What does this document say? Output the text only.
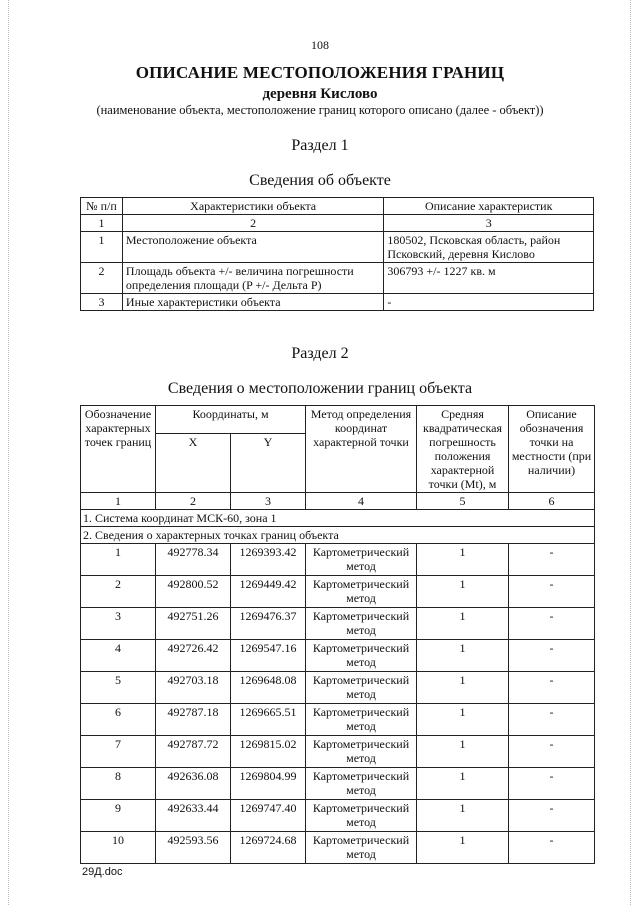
108
ОПИСАНИЕ МЕСТОПОЛОЖЕНИЯ ГРАНИЦ
деревня Кислово
(наименование объекта, местоположение границ которого описано (далее - объект))
Раздел 1
Сведения об объекте
№ п/п	Характеристики объекта	Описание характеристик
1	2	3
1	Местоположение объекта	180502, Псковская область, район Псковский, деревня Кислово
2	Площадь объекта +/- величина погрешности определения площади (P +/- Дельта P)	306793 +/- 1227 кв. м
3	Иные характеристики объекта	-
Раздел 2
Сведения о местоположении границ объекта
Обозначение характерных точек границ	Координаты, м		Метод определения координат характерной точки	Средняя квадратическая погрешность положения характерной точки (Mt), м	Описание обозначения точки на местности (при наличии)
	X	Y			
1	2	3	4	5	6
1. Система координат МСК-60, зона 1					
2. Сведения о характерных точках границ объекта					
1	492778.34	1269393.42	Картометрический метод	1	-
2	492800.52	1269449.42	Картометрический метод	1	-
3	492751.26	1269476.37	Картометрический метод	1	-
4	492726.42	1269547.16	Картометрический метод	1	-
5	492703.18	1269648.08	Картометрический метод	1	-
6	492787.18	1269665.51	Картометрический метод	1	-
7	492787.72	1269815.02	Картометрический метод	1	-
8	492636.08	1269804.99	Картометрический метод	1	-
9	492633.44	1269747.40	Картометрический метод	1	-
10	492593.56	1269724.68	Картометрический метод	1	-
29Д.doc
